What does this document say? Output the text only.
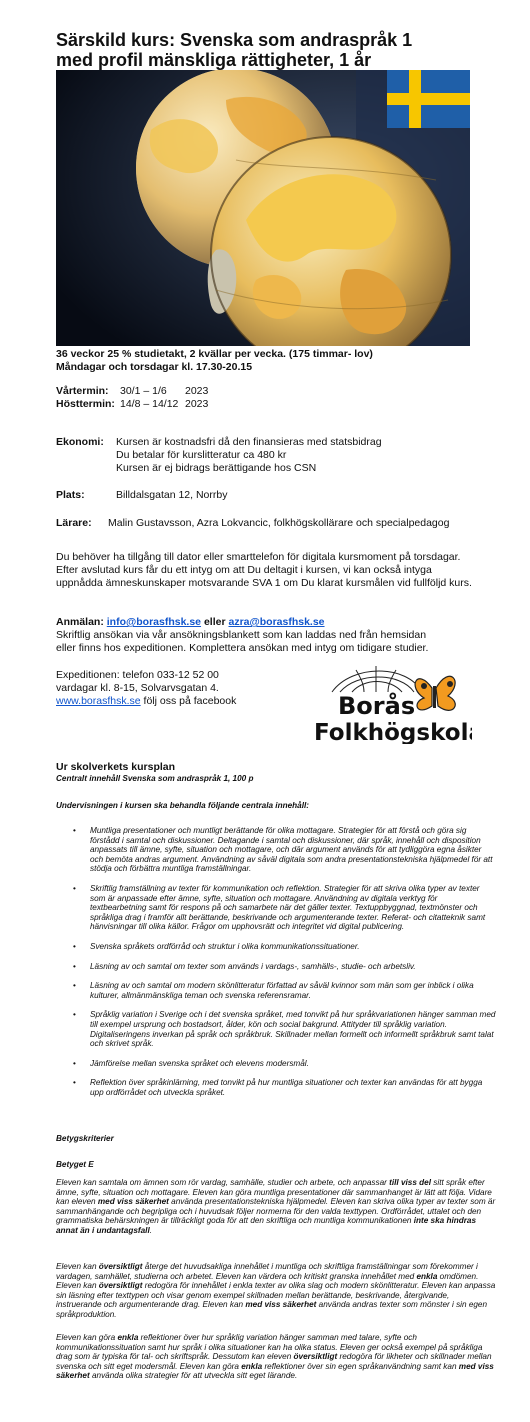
Särskild kurs: Svenska som andraspråk 1
med profil mänskliga rättigheter, 1 år
36 veckor 25 % studietakt, 2 kvällar per vecka. (175 timmar- lov)
Måndagar och torsdagar kl. 17.30-20.15
Vårtermin: 30/1 – 1/6 2023
Hösttermin: 14/8 – 14/12 2023
Ekonomi: Kursen är kostnadsfri då den finansieras med statsbidrag
Du betalar för kurslitteratur ca 480 kr
Kursen är ej bidrags berättigande hos CSN
Plats:	Billdalsgatan 12, Norrby
Lärare: Malin Gustavsson, Azra Lokvancic, folkhögskollärare och specialpedagog
Du behöver ha tillgång till dator eller smarttelefon för digitala kursmoment på torsdagar.
Efter avslutad kurs får du ett intyg om att Du deltagit i kursen, vi kan också intyga
uppnådda ämneskunskaper motsvarande SVA 1 om Du klarat kursmålen vid fullföljd kurs.
Anmälan: info@borasfhsk.se eller azra@borasfhsk.se
Skriftlig ansökan via vår ansökningsblankett som kan laddas ned från hemsidan
eller finns hos expeditionen. Komplettera ansökan med intyg om tidigare studier.
Expeditionen: telefon 033-12 52 00
vardagar kl. 8-15, Solvarvsgatan 4.
www.borasfhsk.se följ oss på facebook	Borås
Folkhögskola
Ur skolverkets kursplan
Centralt innehåll Svenska som andraspråk 1, 100 p
Undervisningen i kursen ska behandla följande centrala innehåll:
• Muntliga presentationer och muntligt berättande för olika mottagare. Strategier för att förstå och göra sig förstådd i samtal och diskussioner. Deltagande i samtal och diskussioner, där språk, innehåll och disposition anpassats till ämne, syfte, situation och mottagare, och där argument används för att tydliggöra egna åsikter och bemöta andras argument. Användning av såväl digitala som andra presentationstekniska hjälpmedel för att stödja och förbättra muntliga framställningar.
• Skriftlig framställning av texter för kommunikation och reflektion. Strategier för att skriva olika typer av texter som är anpassade efter ämne, syfte, situation och mottagare. Användning av digitala verktyg för textbearbetning samt för respons på och samarbete när det gäller texter. Textuppbyggnad, textmönster och språkliga drag i framför allt berättande, beskrivande och argumenterande texter. Referat- och citatteknik samt hänvisningar till olika källor. Frågor om upphovsrätt och integritet vid digital publicering.
• Svenska språkets ordförråd och struktur i olika kommunikationssituationer.
• Läsning av och samtal om texter som används i vardags-, samhälls-, studie- och arbetsliv.
• Läsning av och samtal om modern skönlitteratur författad av såväl kvinnor som män som ger inblick i olika kulturer, allmänmänskliga teman och svenska referensramar.
• Språklig variation i Sverige och i det svenska språket, med tonvikt på hur språkvariationen hänger samman med till exempel ursprung och bostadsort, ålder, kön och social bakgrund. Attityder till språklig variation. Digitaliseringens inverkan på språk och språkbruk. Skillnader mellan formellt och informellt språkbruk samt talat och skrivet språk.
• Jämförelse mellan svenska språket och elevens modersmål.
• Reflektion över språkinlärning, med tonvikt på hur muntliga situationer och texter kan användas för att bygga upp ordförrådet och utveckla språket.
Betygskriterier
Betyget E
Eleven kan samtala om ämnen som rör vardag, samhälle, studier och arbete, och anpassar till viss del sitt språk efter ämne, syfte, situation och mottagare. Eleven kan göra muntliga presentationer där sammanhanget är lätt att följa. Vidare kan eleven med viss säkerhet använda presentationstekniska hjälpmedel. Eleven kan skriva olika typer av texter som är sammanhängande och begripliga och i huvudsak följer normerna för den valda texttypen. Ordförrådet, uttalet och den grammatiska behärskningen är tillräckligt goda för att den skriftliga och muntliga kommunikationen inte ska hindras annat än i undantagsfall.
Eleven kan översiktligt återge det huvudsakliga innehållet i muntliga och skriftliga framställningar som förekommer i vardagen, samhället, studierna och arbetet. Eleven kan värdera och kritiskt granska innehållet med enkla omdömen. Eleven kan översiktligt redogöra för innehållet i enkla texter av olika slag och modern skönlitteratur. Eleven kan anpassa sin läsning efter texttypen och visar genom exempel skillnaden mellan berättande, beskrivande, återgivande, instruerande och argumenterande drag. Eleven kan med viss säkerhet använda andras texter som mönster i sin egen språkproduktion.
Eleven kan göra enkla reflektioner över hur språklig variation hänger samman med talare, syfte och kommunikationssituation samt hur språk i olika situationer kan ha olika status. Eleven ger också exempel på språkliga drag som är typiska för tal- och skriftspråk. Dessutom kan eleven översiktligt redogöra för likheter och skillnader mellan svenska och sitt eget modersmål. Eleven kan göra enkla reflektioner över sin egen språkanvändning samt kan med viss säkerhet använda olika strategier för att utveckla sitt eget lärande.
